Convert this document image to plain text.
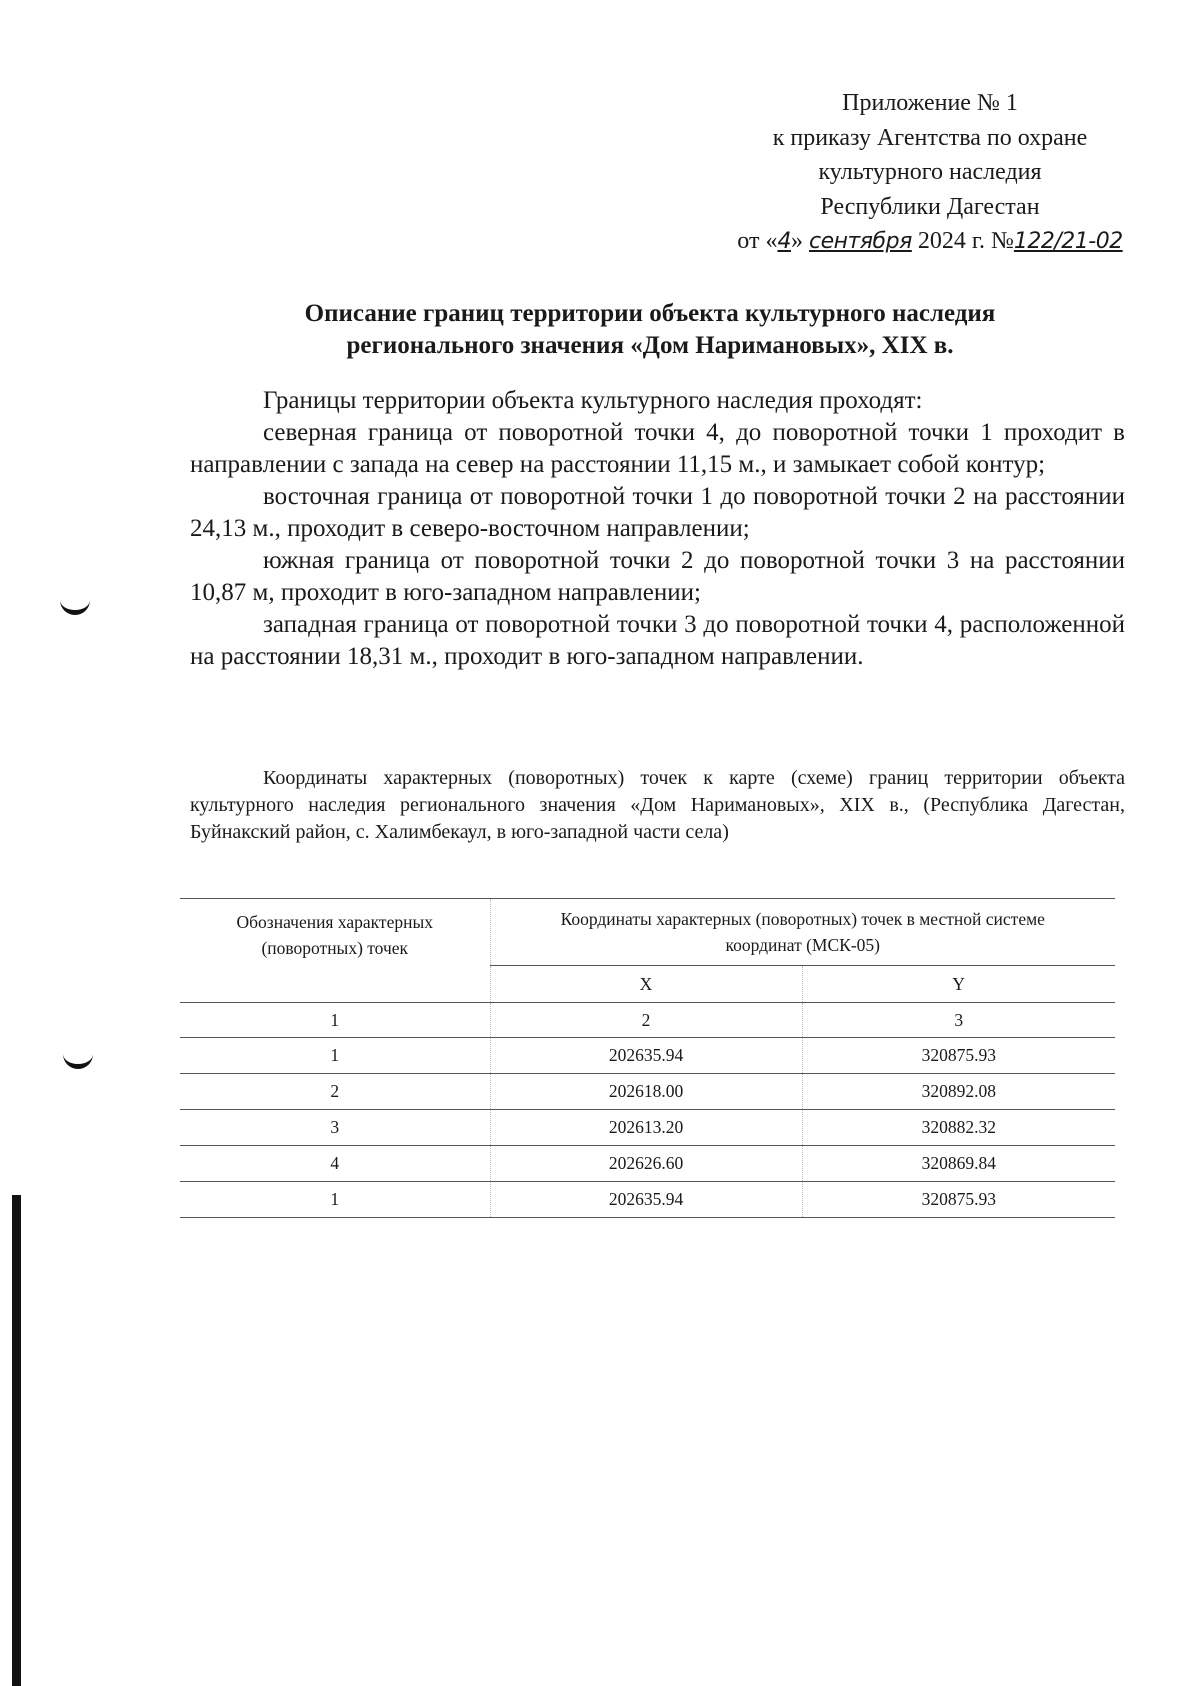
Приложение № 1
к приказу Агентства по охране
культурного наследия
Республики Дагестан
от «4» сентября 2024 г. №122/21-02
Описание границ территории объекта культурного наследия
регионального значения «Дом Наримановых», XIX в.

Границы территории объекта культурного наследия проходят:

северная граница от поворотной точки 4, до поворотной точки 1 проходит в направлении с запада на север на расстоянии 11,15 м., и замыкает собой контур;

восточная граница от поворотной точки 1 до поворотной точки 2 на расстоянии 24,13 м., проходит в северо-восточном направлении;

южная граница от поворотной точки 2 до поворотной точки 3 на расстоянии 10,87 м, проходит в юго-западном направлении;

западная граница от поворотной точки 3 до поворотной точки 4, расположенной на расстоянии 18,31 м., проходит в юго-западном направлении.

Координаты характерных (поворотных) точек к карте (схеме) границ территории объекта культурного наследия регионального значения «Дом Наримановых», XIX в., (Республика Дагестан, Буйнакский район, с. Халимбекаул, в юго-западной части села)

Обозначения характерных (поворотных) точек	Координаты характерных (поворотных) точек в местной системе координат (МСК-05)	
	X	Y
1	2	3
1	202635.94	320875.93
2	202618.00	320892.08
3	202613.20	320882.32
4	202626.60	320869.84
1	202635.94	320875.93
